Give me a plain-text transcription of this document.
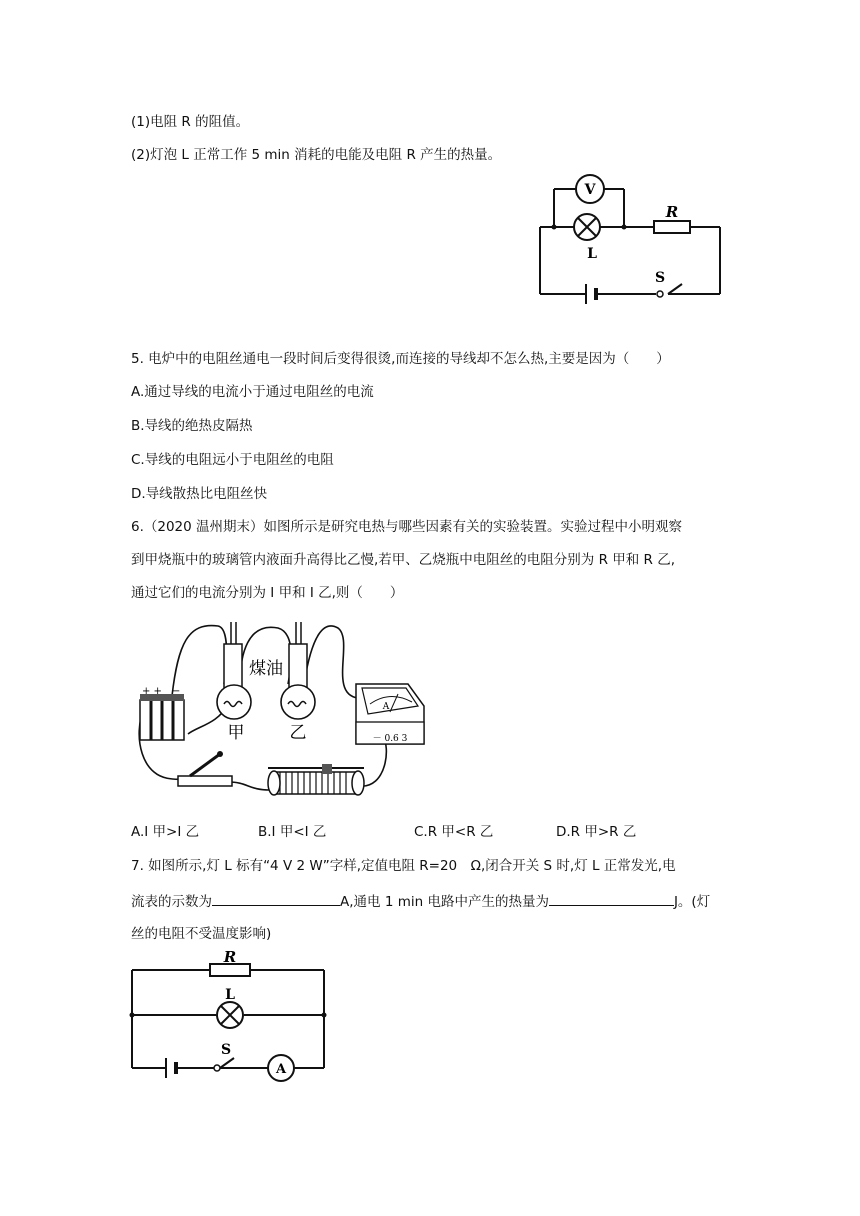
(1)电阻 R 的阻值。
(2)灯泡 L 正常工作 5 min 消耗的电能及电阻 R 产生的热量。
V
R
L
S
5. 电炉中的电阻丝通电一段时间后变得很烫,而连接的导线却不怎么热,主要是因为（　　）
A.通过导线的电流小于通过电阻丝的电流
B.导线的绝热皮隔热
C.导线的电阻远小于电阻丝的电阻
D.导线散热比电阻丝快
6.（2020 温州期末）如图所示是研究电热与哪些因素有关的实验装置。实验过程中小明观察
到甲烧瓶中的玻璃管内液面升高得比乙慢,若甲、乙烧瓶中电阻丝的电阻分别为 R 甲和 R 乙,
通过它们的电流分别为 I 甲和 I 乙,则（　　）
+ + −
煤油
甲	乙
A
－ 0.6 3
A.I 甲>I 乙	B.I 甲<I 乙	C.R 甲<R 乙	D.R 甲>R 乙
7. 如图所示,灯 L 标有“4 V 2 W”字样,定值电阻 R=20　Ω,闭合开关 S 时,灯 L 正常发光,电
流表的示数为	A,通电 1 min 电路中产生的热量为	J。(灯
丝的电阻不受温度影响)
R
L
S
A
